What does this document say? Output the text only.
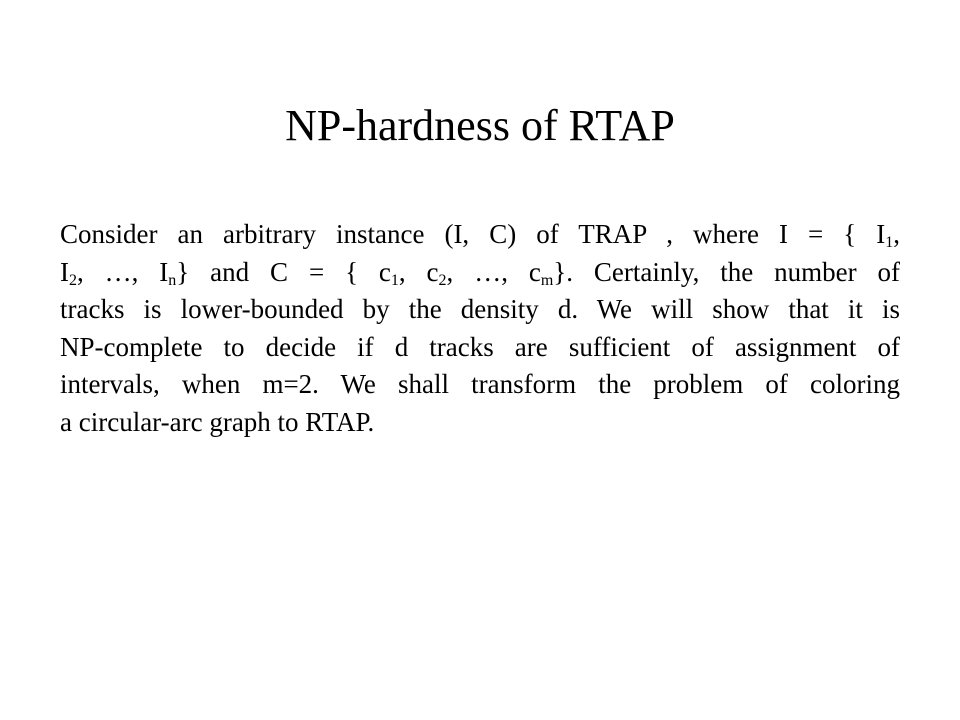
NP-hardness of RTAP
Consider an arbitrary instance (I, C) of TRAP , where I = { $I_1$,
$I_2$, …, $I_n$} and C = { $c_1$, $c_2$, …, $c_m$}. Certainly, the number of
tracks is lower-bounded by the density d. We will show that it is
NP-complete to decide if d tracks are sufficient of assignment of
intervals, when m=2. We shall transform the problem of coloring
a circular-arc graph to RTAP.
